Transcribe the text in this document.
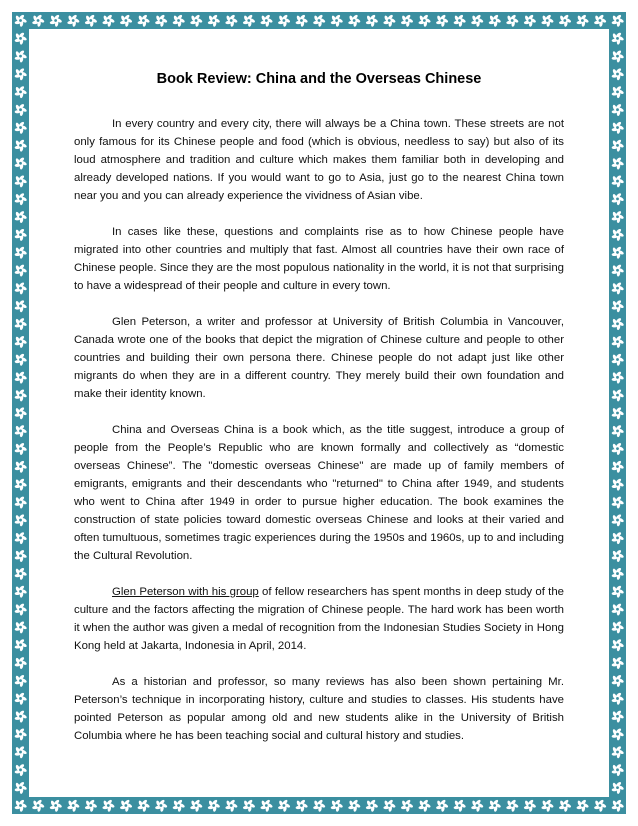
Book Review: China and the Overseas Chinese

In every country and every city, there will always be a China town. These streets are not only famous for its Chinese people and food (which is obvious, needless to say) but also of its loud atmosphere and tradition and culture which makes them familiar both in developing and already developed nations. If you would want to go to Asia, just go to the nearest China town near you and you can already experience the vividness of Asian vibe.

In cases like these, questions and complaints rise as to how Chinese people have migrated into other countries and multiply that fast. Almost all countries have their own race of Chinese people. Since they are the most populous nationality in the world, it is not that surprising to have a widespread of their people and culture in every town.

Glen Peterson, a writer and professor at University of British Columbia in Vancouver, Canada wrote one of the books that depict the migration of Chinese culture and people to other countries and building their own persona there. Chinese people do not adapt just like other migrants do when they are in a different country. They merely build their own foundation and make their identity known.

China and Overseas China is a book which, as the title suggest, introduce a group of people from the People’s Republic who are known formally and collectively as “domestic overseas Chinese”. The "domestic overseas Chinese" are made up of family members of emigrants, emigrants and their descendants who "returned" to China after 1949, and students who went to China after 1949 in order to pursue higher education. The book examines the construction of state policies toward domestic overseas Chinese and looks at their varied and often tumultuous, sometimes tragic experiences during the 1950s and 1960s, up to and including the Cultural Revolution.

Glen Peterson with his group of fellow researchers has spent months in deep study of the culture and the factors affecting the migration of Chinese people. The hard work has been worth it when the author was given a medal of recognition from the Indonesian Studies Society in Hong Kong held at Jakarta, Indonesia in April, 2014.

As a historian and professor, so many reviews has also been shown pertaining Mr. Peterson’s technique in incorporating history, culture and studies to classes. His students have pointed Peterson as popular among old and new students alike in the University of British Columbia where he has been teaching social and cultural history and studies.
